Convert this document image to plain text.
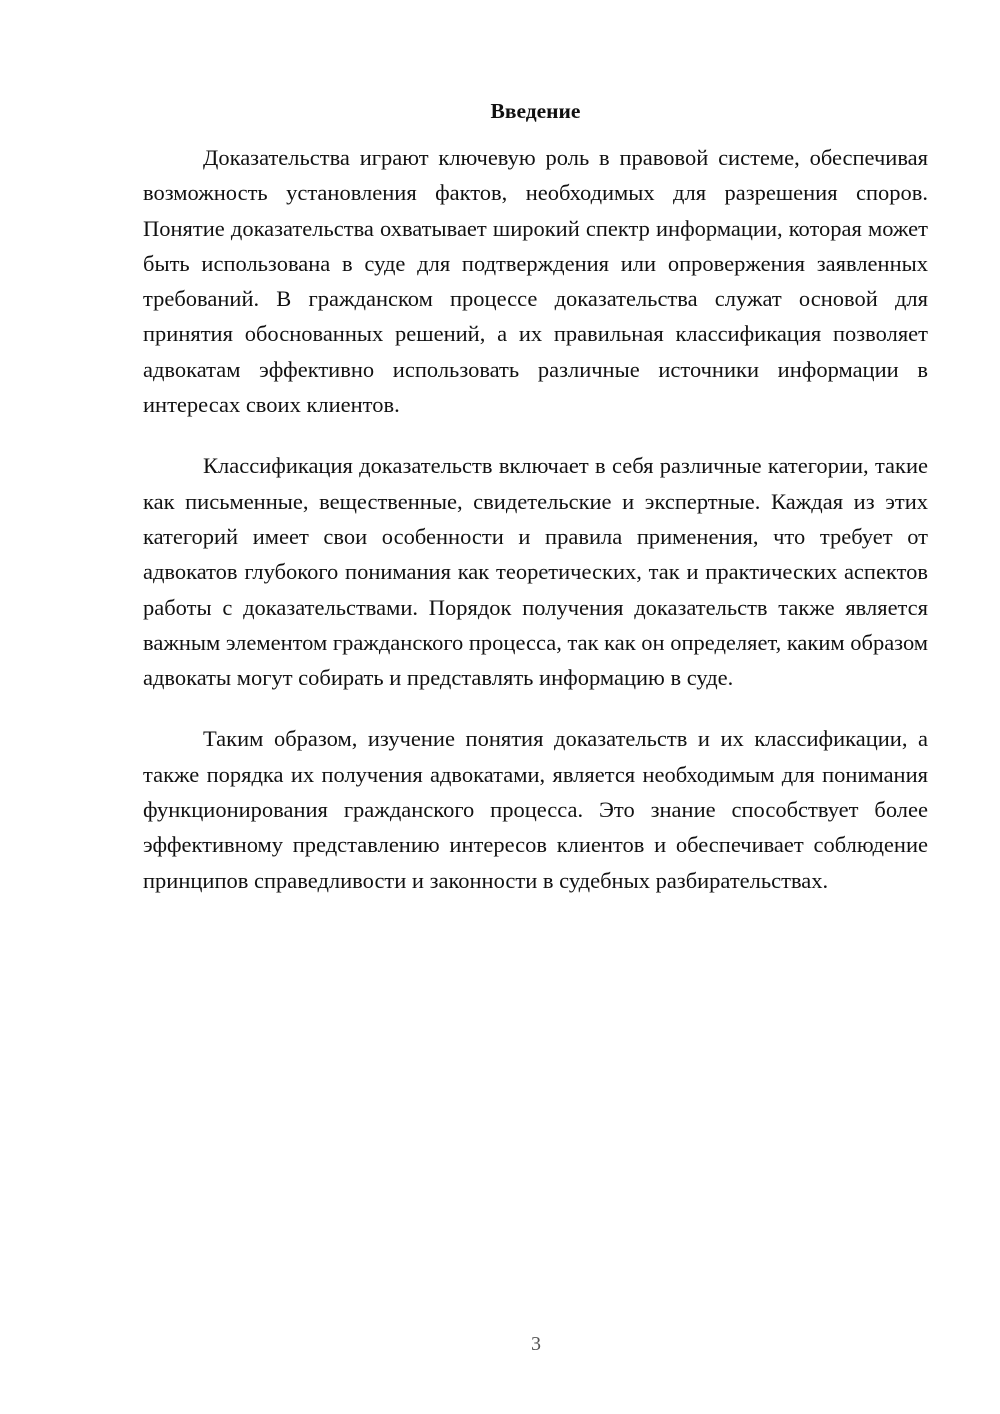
Введение

Доказательства играют ключевую роль в правовой системе, обеспечивая возможность установления фактов, необходимых для разрешения споров. Понятие доказательства охватывает широкий спектр информации, которая может быть использована в суде для подтверждения или опровержения заявленных требований. В гражданском процессе доказательства служат основой для принятия обоснованных решений, а их правильная классификация позволяет адвокатам эффективно использовать различные источники информации в интересах своих клиентов.

Классификация доказательств включает в себя различные категории, такие как письменные, вещественные, свидетельские и экспертные. Каждая из этих категорий имеет свои особенности и правила применения, что требует от адвокатов глубокого понимания как теоретических, так и практических аспектов работы с доказательствами. Порядок получения доказательств также является важным элементом гражданского процесса, так как он определяет, каким образом адвокаты могут собирать и представлять информацию в суде.

Таким образом, изучение понятия доказательств и их классификации, а также порядка их получения адвокатами, является необходимым для понимания функционирования гражданского процесса. Это знание способствует более эффективному представлению интересов клиентов и обеспечивает соблюдение принципов справедливости и законности в судебных разбирательствах.

3
